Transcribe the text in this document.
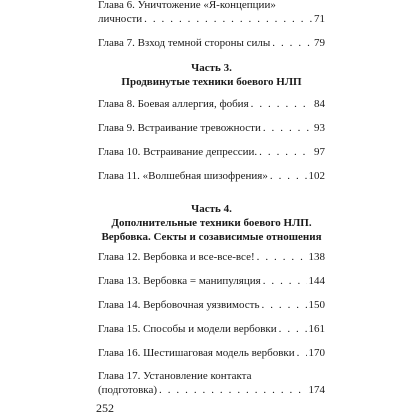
Глава 6. Уничтожение «Я-концепции»
личности . . .	71
Глава 7. Взход темной стороны силы . . .	79
Часть 3.
Продвинутые техники боевого НЛП
Глава 8. Боевая аллергия, фобия . . .	84
Глава 9. Встраивание тревожности . . .	93
Глава 10. Встраивание депрессии. . . .	97
Глава 11. «Волшебная шизофрения» . . .	102
Часть 4.
Дополнительные техники боевого НЛП.
Вербовка. Секты и созависимые отношения
Глава 12. Вербовка и все-все-все! . . .	138
Глава 13. Вербовка = манипуляция . . .	144
Глава 14. Вербовочная уязвимость . . .	150
Глава 15. Способы и модели вербовки . . .	161
Глава 16. Шестишаговая модель вербовки . . . 170
Глава 17. Установление контакта
(подготовка) . . .	174
252
